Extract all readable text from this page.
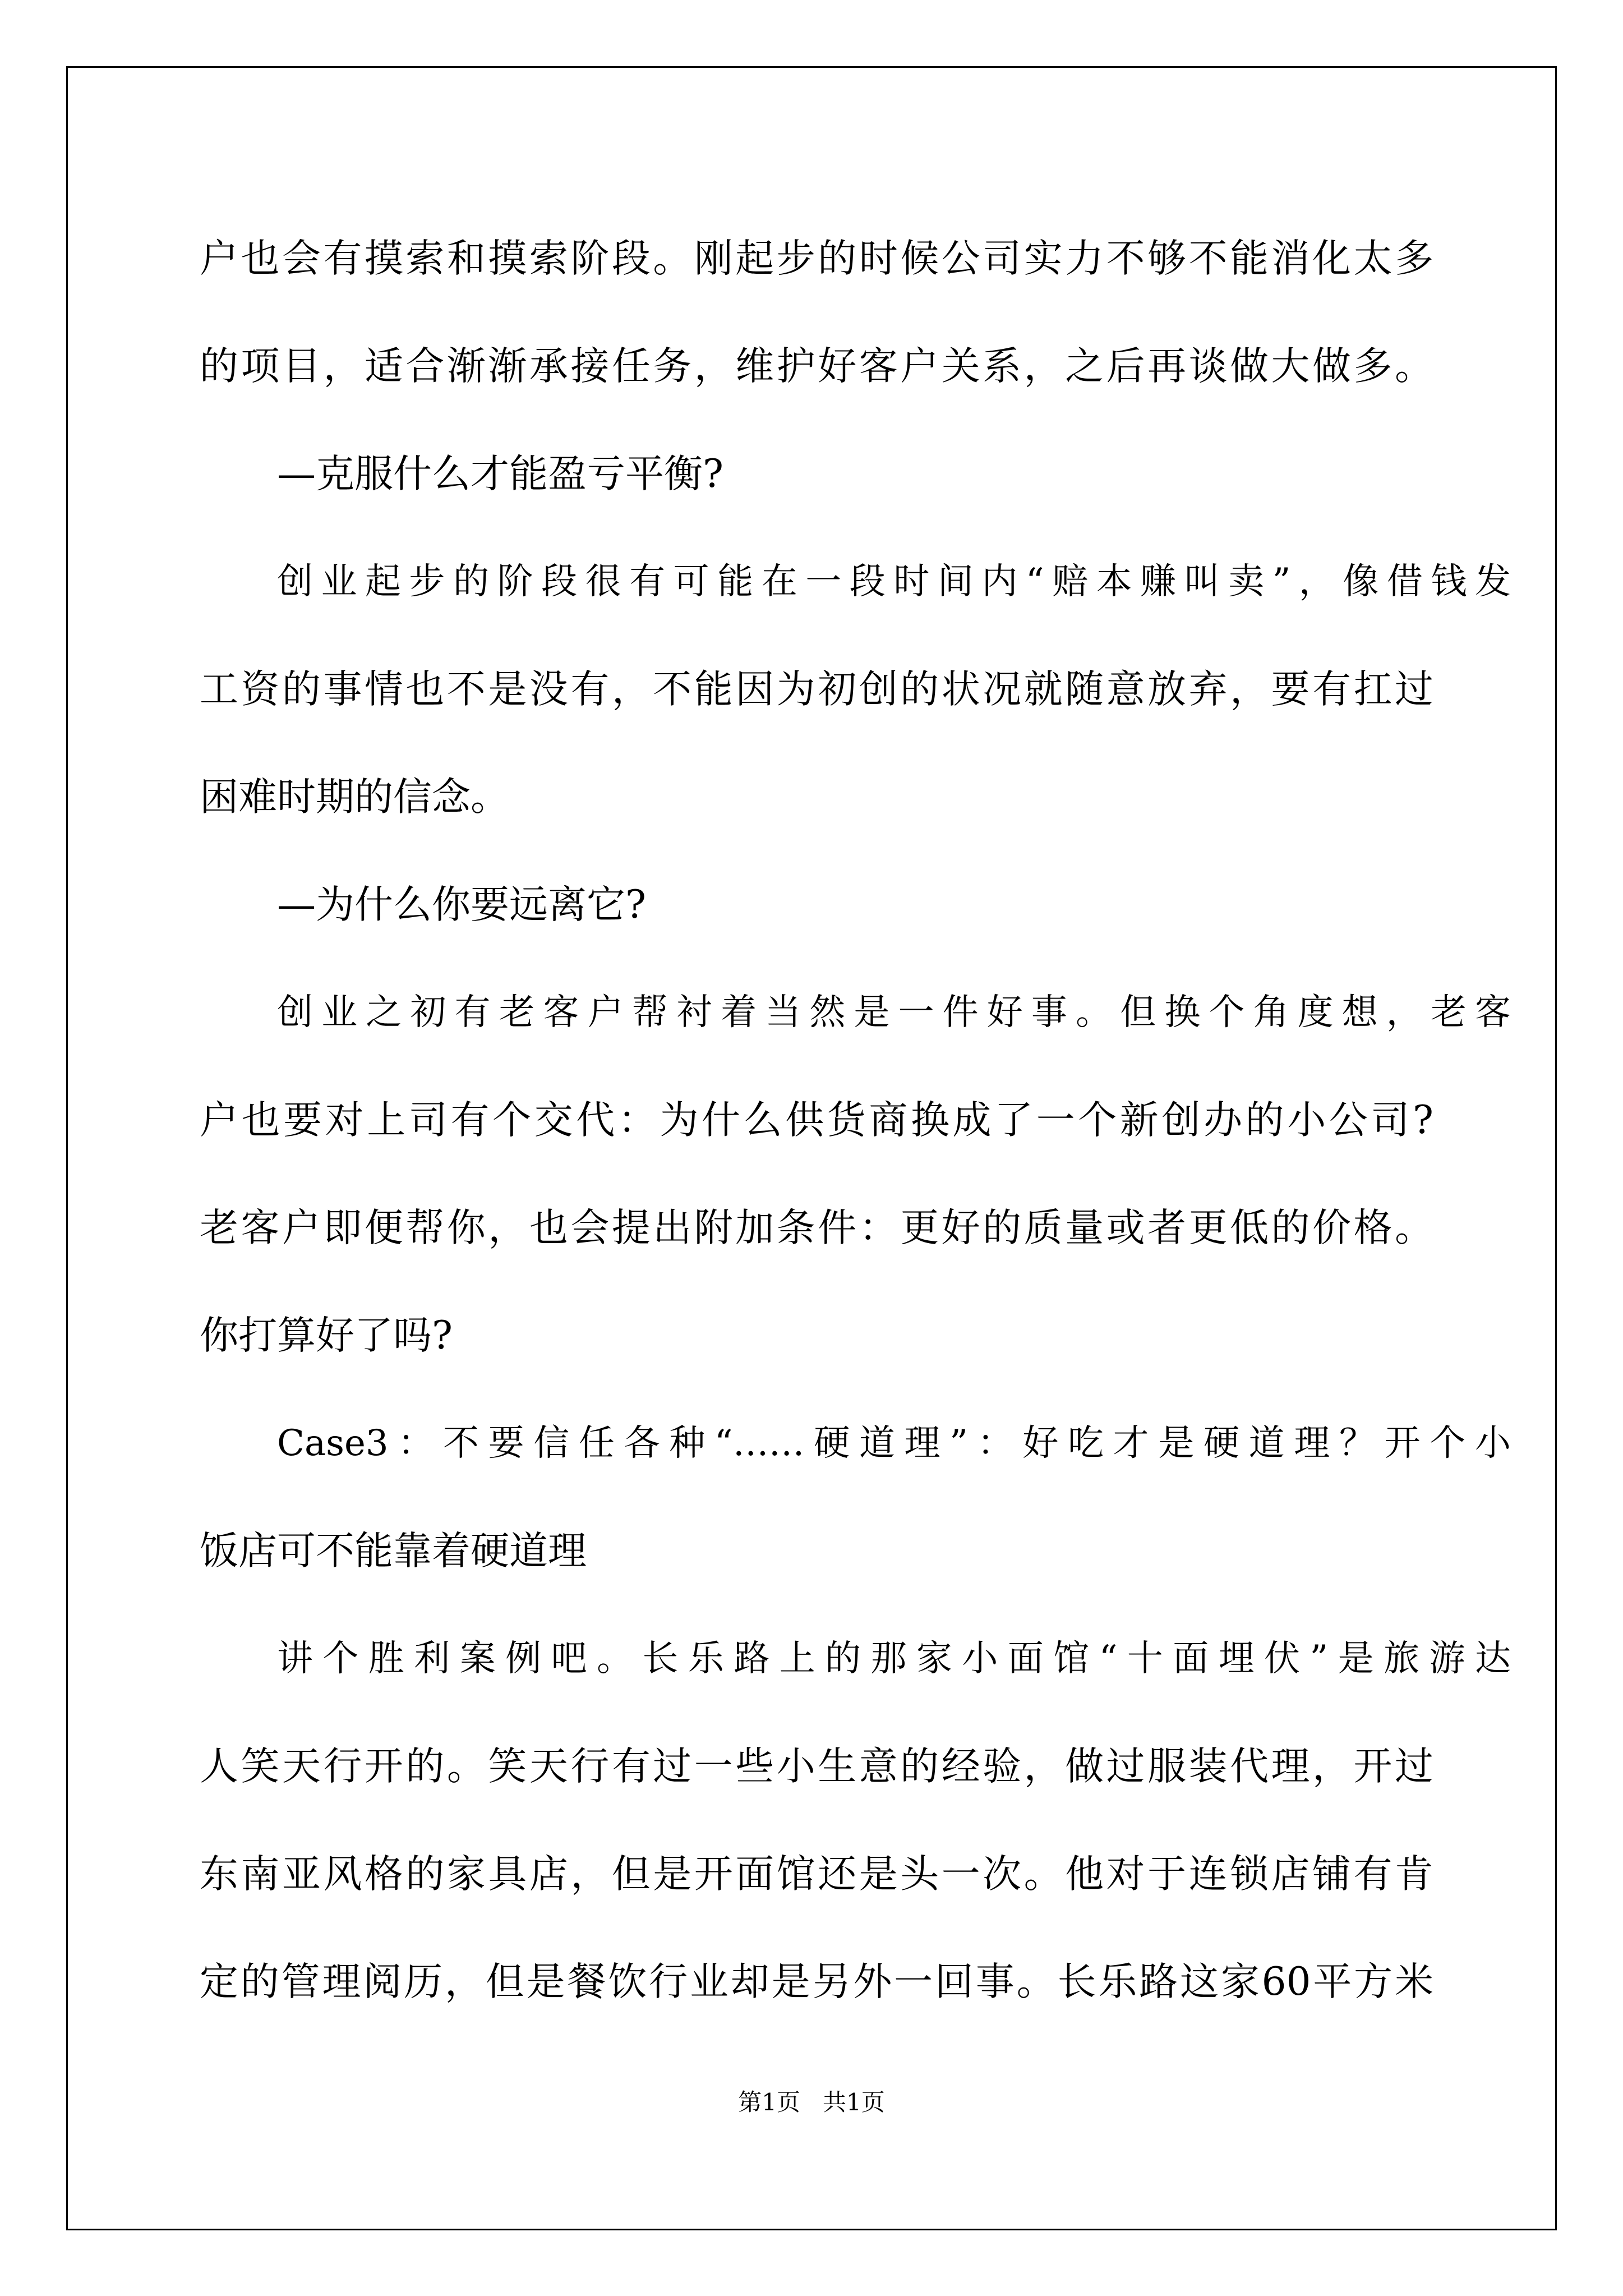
户也会有摸索和摸索阶段。刚起步的时候公司实力不够不能消化太多
的项目，适合渐渐承接任务，维护好客户关系，之后再谈做大做多。
—克服什么才能盈亏平衡?
创业起步的阶段很有可能在一段时间内“赔本赚叫卖”，像借钱发
工资的事情也不是没有，不能因为初创的状况就随意放弃，要有扛过
困难时期的信念。
—为什么你要远离它?
创业之初有老客户帮衬着当然是一件好事。但换个角度想，老客
户也要对上司有个交代：为什么供货商换成了一个新创办的小公司?
老客户即便帮你，也会提出附加条件：更好的质量或者更低的价格。
你打算好了吗?
Case3：不要信任各种“……硬道理”：好吃才是硬道理？开个小
饭店可不能靠着硬道理
讲个胜利案例吧。长乐路上的那家小面馆“十面埋伏”是旅游达
人笑天行开的。笑天行有过一些小生意的经验，做过服装代理，开过
东南亚风格的家具店，但是开面馆还是头一次。他对于连锁店铺有肯
定的管理阅历，但是餐饮行业却是另外一回事。长乐路这家60平方米
第1页   共1页
